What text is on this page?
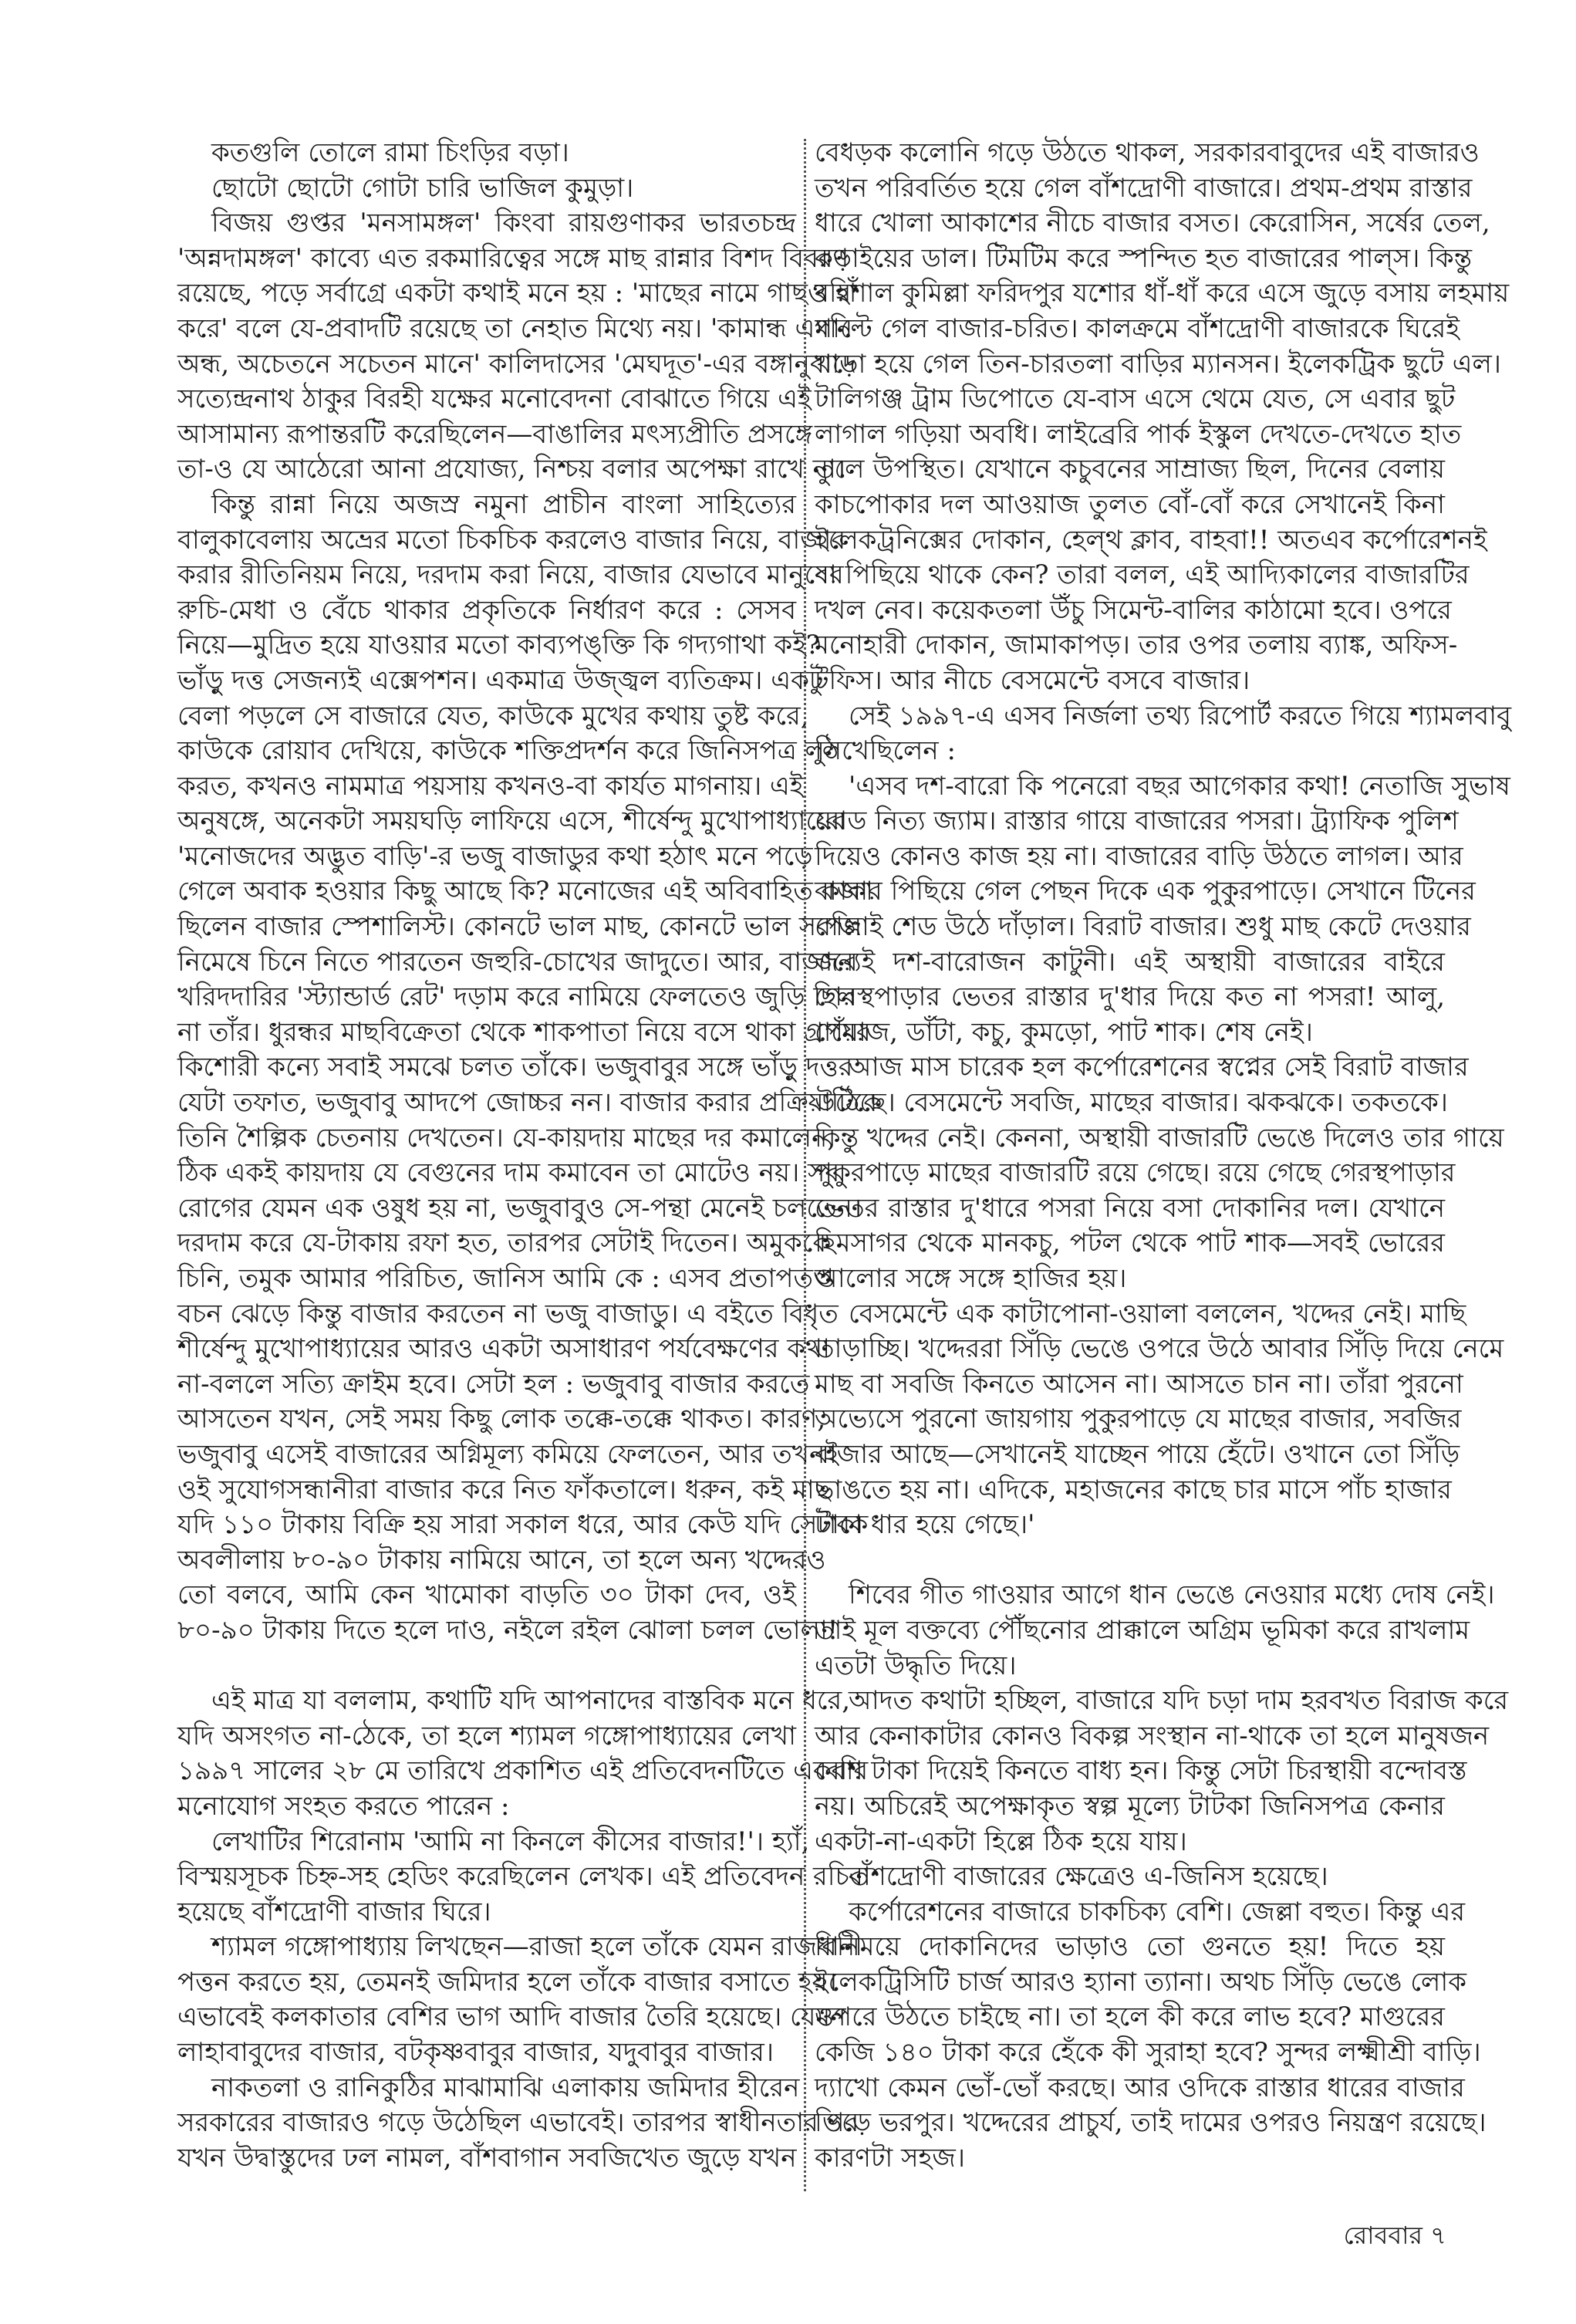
কতগুলি তোলে রামা চিংড়ির বড়া।
ছোটো ছোটো গোটা চারি ভাজিল কুমুড়া।
বিজয় গুপ্তর 'মনসামঙ্গল' কিংবা রায়গুণাকর ভারতচন্দ্র
'অন্নদামঙ্গল' কাব্যে এত রকমারিত্বের সঙ্গে মাছ রান্নার বিশদ বিবরণ
রয়েছে, পড়ে সর্বাগ্রে একটা কথাই মনে হয় : 'মাছের নামে গাছও হাঁ
করে' বলে যে-প্রবাদটি রয়েছে তা নেহাত মিথ্যে নয়। 'কামান্ধ এমনি
অন্ধ, অচেতনে সচেতন মানে' কালিদাসের 'মেঘদূত'-এর বঙ্গানুবাদে
সত্যেন্দ্রনাথ ঠাকুর বিরহী যক্ষের মনোবেদনা বোঝাতে গিয়ে এই
আসামান্য রূপান্তরটি করেছিলেন—বাঙালির মৎস্যপ্রীতি প্রসঙ্গে
তা-ও যে আঠেরো আনা প্রযোজ্য, নিশ্চয় বলার অপেক্ষা রাখে না।
কিন্তু রান্না নিয়ে অজস্র নমুনা প্রাচীন বাংলা সাহিত্যের
বালুকাবেলায় অভ্রের মতো চিকচিক করলেও বাজার নিয়ে, বাজার
করার রীতিনিয়ম নিয়ে, দরদাম করা নিয়ে, বাজার যেভাবে মানুষের
রুচি-মেধা ও বেঁচে থাকার প্রকৃতিকে নির্ধারণ করে : সেসব
নিয়ে—মুদ্রিত হয়ে যাওয়ার মতো কাব্যপঙ্‌ক্তি কি গদ্যগাথা কই?
ভাঁড়ু দত্ত সেজন্যই এক্সেপশন। একমাত্র উজ্জ্বল ব্যতিক্রম। একটু
বেলা পড়লে সে বাজারে যেত, কাউকে মুখের কথায় তুষ্ট করে,
কাউকে রোয়াব দেখিয়ে, কাউকে শক্তিপ্রদর্শন করে জিনিসপত্র লুঠ
করত, কখনও নামমাত্র পয়সায় কখনও-বা কার্যত মাগনায়। এই
অনুষঙ্গে, অনেকটা সময়ঘড়ি লাফিয়ে এসে, শীর্ষেন্দু মুখোপাধ্যায়ের
'মনোজদের অদ্ভুত বাড়ি'-র ভজু বাজাডুর কথা হঠাৎ মনে পড়ে
গেলে অবাক হওয়ার কিছু আছে কি? মনোজের এই অবিবাহিত কাকা
ছিলেন বাজার স্পেশালিস্ট। কোনটে ভাল মাছ, কোনটে ভাল সবজি
নিমেষে চিনে নিতে পারতেন জহুরি-চোখের জাদুতে। আর, বাজারে
খরিদদারির 'স্ট্যান্ডার্ড রেট' দড়াম করে নামিয়ে ফেলতেও জুড়ি ছিল
না তাঁর। ধুরন্ধর মাছবিক্রেতা থেকে শাকপাতা নিয়ে বসে থাকা গ্রামের
কিশোরী কন্যে সবাই সমঝে চলত তাঁকে। ভজুবাবুর সঙ্গে ভাঁড়ু দত্তর
যেটা তফাত, ভজুবাবু আদপে জোচ্চর নন। বাজার করার প্রক্রিয়াটিকে
তিনি শৈল্পিক চেতনায় দেখতেন। যে-কায়দায় মাছের দর কমালেন,
ঠিক একই কায়দায় যে বেগুনের দাম কমাবেন তা মোটেও নয়। সব
রোগের যেমন এক ওষুধ হয় না, ভজুবাবুও সে-পন্থা মেনেই চলতেন।
দরদাম করে যে-টাকায় রফা হত, তারপর সেটাই দিতেন। অমুককে
চিনি, তমুক আমার পরিচিত, জানিস আমি কে : এসব প্রতাপতপ্ত
বচন ঝেড়ে কিন্তু বাজার করতেন না ভজু বাজাডু। এ বইতে বিধৃত
শীর্ষেন্দু মুখোপাধ্যায়ের আরও একটা অসাধারণ পর্যবেক্ষণের কথা
না-বললে সত্যি ক্রাইম হবে। সেটা হল : ভজুবাবু বাজার করতে
আসতেন যখন, সেই সময় কিছু লোক তক্কে-তক্কে থাকত। কারণ,
ভজুবাবু এসেই বাজারের অগ্নিমূল্য কমিয়ে ফেলতেন, আর তখনই
ওই সুযোগসন্ধানীরা বাজার করে নিত ফাঁকতালে। ধরুন, কই মাছ
যদি ১১০ টাকায় বিক্রি হয় সারা সকাল ধরে, আর কেউ যদি সেটাকে
অবলীলায় ৮০-৯০ টাকায় নামিয়ে আনে, তা হলে অন্য খদ্দেরও
তো বলবে, আমি কেন খামোকা বাড়তি ৩০ টাকা দেব, ওই
৮০-৯০ টাকায় দিতে হলে দাও, নইলে রইল ঝোলা চলল ভোলা!
এই মাত্র যা বললাম, কথাটি যদি আপনাদের বাস্তবিক মনে ধরে,
যদি অসংগত না-ঠেকে, তা হলে শ্যামল গঙ্গোপাধ্যায়ের লেখা
১৯৯৭ সালের ২৮ মে তারিখে প্রকাশিত এই প্রতিবেদনটিতে একবার
মনোযোগ সংহত করতে পারেন :
লেখাটির শিরোনাম 'আমি না কিনলে কীসের বাজার!'। হ্যাঁ,
বিস্ময়সূচক চিহ্ন-সহ হেডিং করেছিলেন লেখক। এই প্রতিবেদন রচিত
হয়েছে বাঁশদ্রোণী বাজার ঘিরে।
শ্যামল গঙ্গোপাধ্যায় লিখছেন—রাজা হলে তাঁকে যেমন রাজধানী
পত্তন করতে হয়, তেমনই জমিদার হলে তাঁকে বাজার বসাতে হয়।
এভাবেই কলকাতার বেশির ভাগ আদি বাজার তৈরি হয়েছে। যেমন
লাহাবাবুদের বাজার, বটকৃষ্ণবাবুর বাজার, যদুবাবুর বাজার।
নাকতলা ও রানিকুঠির মাঝামাঝি এলাকায় জমিদার হীরেন
সরকারের বাজারও গড়ে উঠেছিল এভাবেই। তারপর স্বাধীনতার পর
যখন উদ্বাস্তুদের ঢল নামল, বাঁশবাগান সবজিখেত জুড়ে যখন
বেধড়ক কলোনি গড়ে উঠতে থাকল, সরকারবাবুদের এই বাজারও
তখন পরিবর্তিত হয়ে গেল বাঁশদ্রোণী বাজারে। প্রথম-প্রথম রাস্তার
ধারে খোলা আকাশের নীচে বাজার বসত। কেরোসিন, সর্ষের তেল,
কড়াইয়ের ডাল। টিমটিম করে স্পন্দিত হত বাজারের পাল্‌স। কিন্তু
বরিশাল কুমিল্লা ফরিদপুর যশোর ধাঁ-ধাঁ করে এসে জুড়ে বসায় লহমায়
পাল্টে গেল বাজার-চরিত। কালক্রমে বাঁশদ্রোণী বাজারকে ঘিরেই
খাড়া হয়ে গেল তিন-চারতলা বাড়ির ম্যানসন। ইলেকট্রিক ছুটে এল।
টালিগঞ্জ ট্রাম ডিপোতে যে-বাস এসে থেমে যেত, সে এবার ছুট
লাগাল গড়িয়া অবধি। লাইব্রেরি পার্ক ইস্কুল দেখতে-দেখতে হাত
তুলে উপস্থিত। যেখানে কচুবনের সাম্রাজ্য ছিল, দিনের বেলায়
কাচপোকার দল আওয়াজ তুলত বোঁ-বোঁ করে সেখানেই কিনা
ইলেকট্রনিক্সের দোকান, হেল্‌থ ক্লাব, বাহবা!! অতএব কর্পোরেশনই
বা পিছিয়ে থাকে কেন? তারা বলল, এই আদ্যিকালের বাজারটির
দখল নেব। কয়েকতলা উঁচু সিমেন্ট-বালির কাঠামো হবে। ওপরে
মনোহারী দোকান, জামাকাপড়। তার ওপর তলায় ব্যাঙ্ক, অফিস-
টফিস। আর নীচে বেসমেন্টে বসবে বাজার।
সেই ১৯৯৭-এ এসব নির্জলা তথ্য রিপোর্ট করতে গিয়ে শ্যামলবাবু
লিখেছিলেন :
'এসব দশ-বারো কি পনেরো বছর আগেকার কথা! নেতাজি সুভাষ
রোড নিত্য জ্যাম। রাস্তার গায়ে বাজারের পসরা। ট্র্যাফিক পুলিশ
দিয়েও কোনও কাজ হয় না। বাজারের বাড়ি উঠতে লাগল। আর
বাজার পিছিয়ে গেল পেছন দিকে এক পুকুরপাড়ে। সেখানে টিনের
পেল্লাই শেড উঠে দাঁড়াল। বিরাট বাজার। শুধু মাছ কেটে দেওয়ার
জন্যই দশ-বারোজন কাটুনী। এই অস্থায়ী বাজারের বাইরে
গেরস্থপাড়ার ভেতর রাস্তার দু'ধার দিয়ে কত না পসরা! আলু,
পেঁয়াজ, ডাঁটা, কচু, কুমড়ো, পাট শাক। শেষ নেই।
আজ মাস চারেক হল কর্পোরেশনের স্বপ্নের সেই বিরাট বাজার
উঠেছে। বেসমেন্টে সবজি, মাছের বাজার। ঝকঝকে। তকতকে।
কিন্তু খদ্দের নেই। কেননা, অস্থায়ী বাজারটি ভেঙে দিলেও তার গায়ে
পুকুরপাড়ে মাছের বাজারটি রয়ে গেছে। রয়ে গেছে গেরস্থপাড়ার
ভেতর রাস্তার দু'ধারে পসরা নিয়ে বসা দোকানির দল। যেখানে
হিমসাগর থেকে মানকচু, পটল থেকে পাট শাক—সবই ভোরের
আলোর সঙ্গে সঙ্গে হাজির হয়।
বেসমেন্টে এক কাটাপোনা-ওয়ালা বললেন, খদ্দের নেই। মাছি
তাড়াচ্ছি। খদ্দেররা সিঁড়ি ভেঙে ওপরে উঠে আবার সিঁড়ি দিয়ে নেমে
মাছ বা সবজি কিনতে আসেন না। আসতে চান না। তাঁরা পুরনো
অভ্যেসে পুরনো জায়গায় পুকুরপাড়ে যে মাছের বাজার, সবজির
বাজার আছে—সেখানেই যাচ্ছেন পায়ে হেঁটে। ওখানে তো সিঁড়ি
ভাঙতে হয় না। এদিকে, মহাজনের কাছে চার মাসে পাঁচ হাজার
টাকা ধার হয়ে গেছে।'
শিবের গীত গাওয়ার আগে ধান ভেঙে নেওয়ার মধ্যে দোষ নেই।
তাই মূল বক্তব্যে পৌঁছনোর প্রাক্কালে অগ্রিম ভূমিকা করে রাখলাম
এতটা উদ্ধৃতি দিয়ে।
আদত কথাটা হচ্ছিল, বাজারে যদি চড়া দাম হরবখত বিরাজ করে
আর কেনাকাটার কোনও বিকল্প সংস্থান না-থাকে তা হলে মানুষজন
বেশি টাকা দিয়েই কিনতে বাধ্য হন। কিন্তু সেটা চিরস্থায়ী বন্দোবস্ত
নয়। অচিরেই অপেক্ষাকৃত স্বল্প মূল্যে টাটকা জিনিসপত্র কেনার
একটা-না-একটা হিল্লে ঠিক হয়ে যায়।
বাঁশদ্রোণী বাজারের ক্ষেত্রেও এ-জিনিস হয়েছে।
কর্পোরেশনের বাজারে চাকচিক্য বেশি। জেল্লা বহুত। কিন্তু এর
বিনিময়ে দোকানিদের ভাড়াও তো গুনতে হয়! দিতে হয়
ইলেকট্রিসিটি চার্জ আরও হ্যানা ত্যানা। অথচ সিঁড়ি ভেঙে লোক
ওপরে উঠতে চাইছে না। তা হলে কী করে লাভ হবে? মাগুরের
কেজি ১৪০ টাকা করে হেঁকে কী সুরাহা হবে? সুন্দর লক্ষ্মীশ্রী বাড়ি।
দ্যাখো কেমন ভোঁ-ভোঁ করছে। আর ওদিকে রাস্তার ধারের বাজার
ভিড়ে ভরপুর। খদ্দেরের প্রাচুর্য, তাই দামের ওপরও নিয়ন্ত্রণ রয়েছে।
কারণটা সহজ।
রোববার ৭
